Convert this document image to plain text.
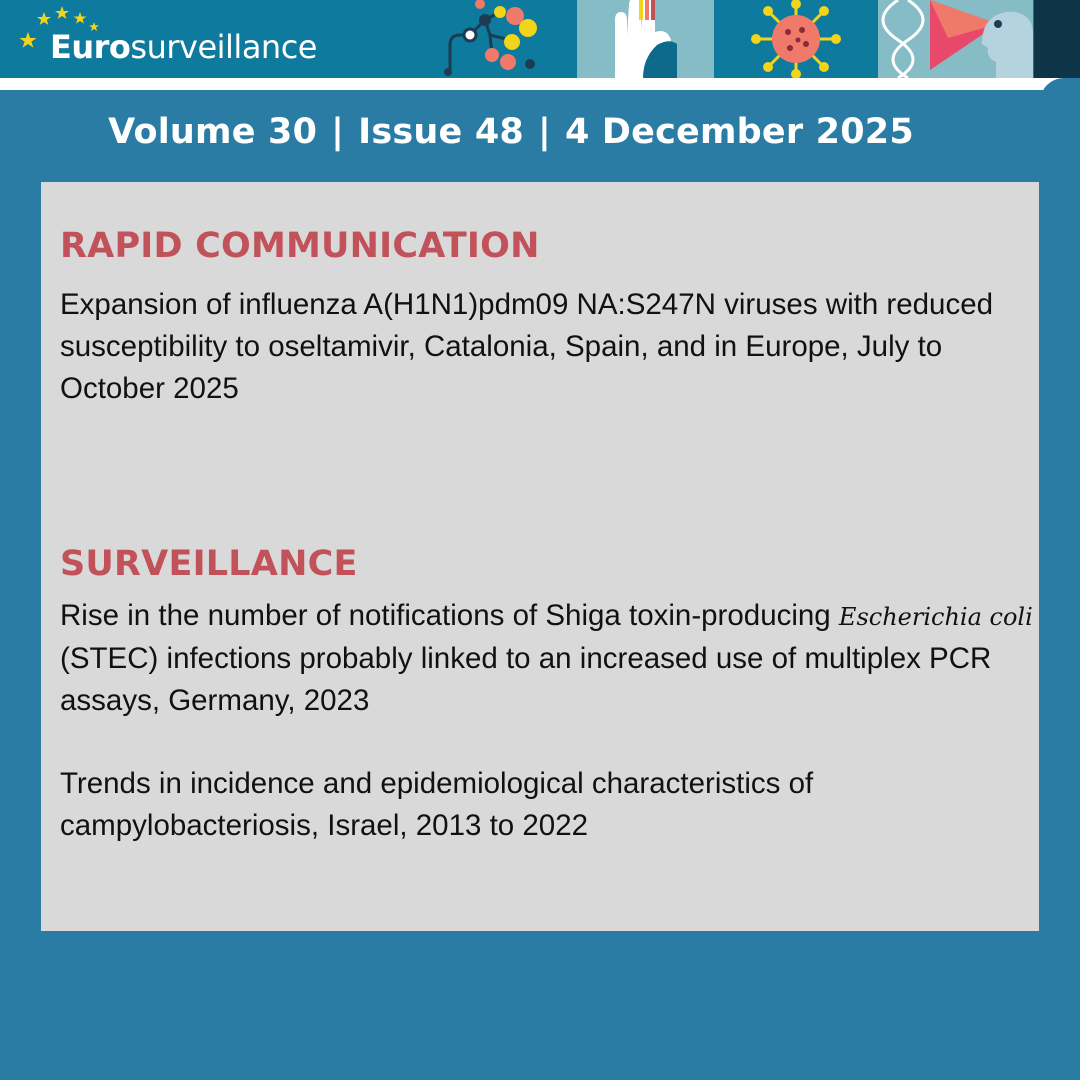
Eurosurveillance
Volume 30 | Issue 48 | 4 December 2025
RAPID COMMUNICATION

Expansion of influenza A(H1N1)pdm09 NA:S247N viruses with reduced susceptibility to oseltamivir, Catalonia, Spain, and in Europe, July to October 2025

SURVEILLANCE

Rise in the number of notifications of Shiga toxin-producing Escherichia coli (STEC) infections probably linked to an increased use of multiplex PCR assays, Germany, 2023

Trends in incidence and epidemiological characteristics of campylobacteriosis, Israel, 2013 to 2022
